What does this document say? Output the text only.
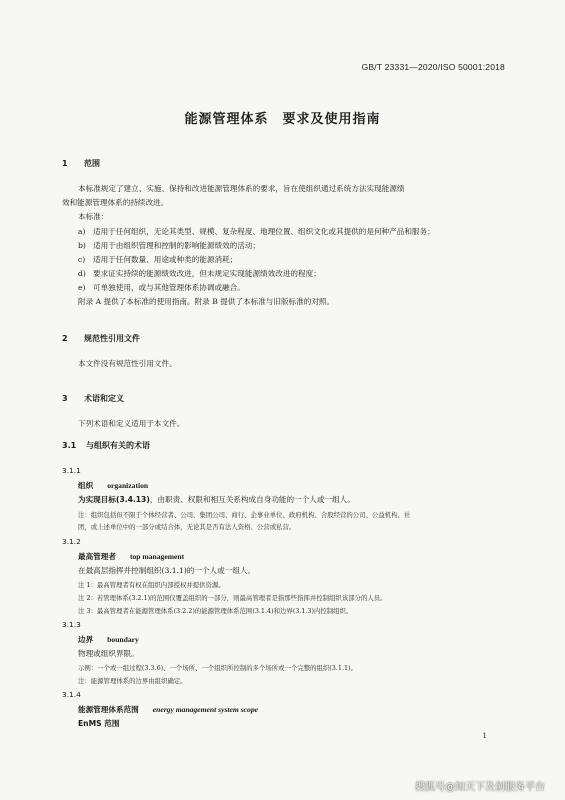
GB/T 23331—2020/ISO 50001:2018
能源管理体系　要求及使用指南
1 范围
本标准规定了建立、实施、保持和改进能源管理体系的要求，旨在使组织通过系统方法实现能源绩
效和能源管理体系的持续改进。
本标准：
a) 适用于任何组织，无论其类型、规模、复杂程度、地理位置、组织文化或其提供的是何种产品和服务；
b) 适用于由组织管理和控制的影响能源绩效的活动；
c) 适用于任何数量、用途或种类的能源消耗；
d) 要求证实持续的能源绩效改进，但未规定实现能源绩效改进的程度；
e) 可单独使用，或与其他管理体系协调或融合。
附录 A 提供了本标准的使用指南。附录 B 提供了本标准与旧版标准的对照。
2 规范性引用文件
本文件没有规范性引用文件。
3 术语和定义
下列术语和定义适用于本文件。
3.1 与组织有关的术语
3.1.1
组织 organization
为实现目标(3.4.13)，由职责、权限和相互关系构成自身功能的一个人或一组人。
注：组织包括但不限于个体经营者、公司、集团公司、商行、企事业单位、政府机构、合股经营的公司、公益机构、社
团，或上述单位中的一部分或结合体，无论其是否有法人资格、公营或私营。
3.1.2
最高管理者 top management
在最高层指挥并控制组织(3.1.1)的一个人或一组人。
注 1：最高管理者有权在组织内部授权并提供资源。
注 2：若管理体系(3.2.1)的范围仅覆盖组织的一部分，则最高管理者是指那些指挥并控制组织该部分的人员。
注 3：最高管理者在能源管理体系(3.2.2)的能源管理体系范围(3.1.4)和边界(3.1.3)内控制组织。
3.1.3
边界 boundary
物理或组织界限。
示例：一个或一组过程(3.3.6)、一个场所、一个组织所控制的多个场所或一个完整的组织(3.1.1)。
注：能源管理体系的边界由组织确定。
3.1.4
能源管理体系范围 energy management system scope
EnMS 范围
1
搜狐号@知天下及创服务平台
